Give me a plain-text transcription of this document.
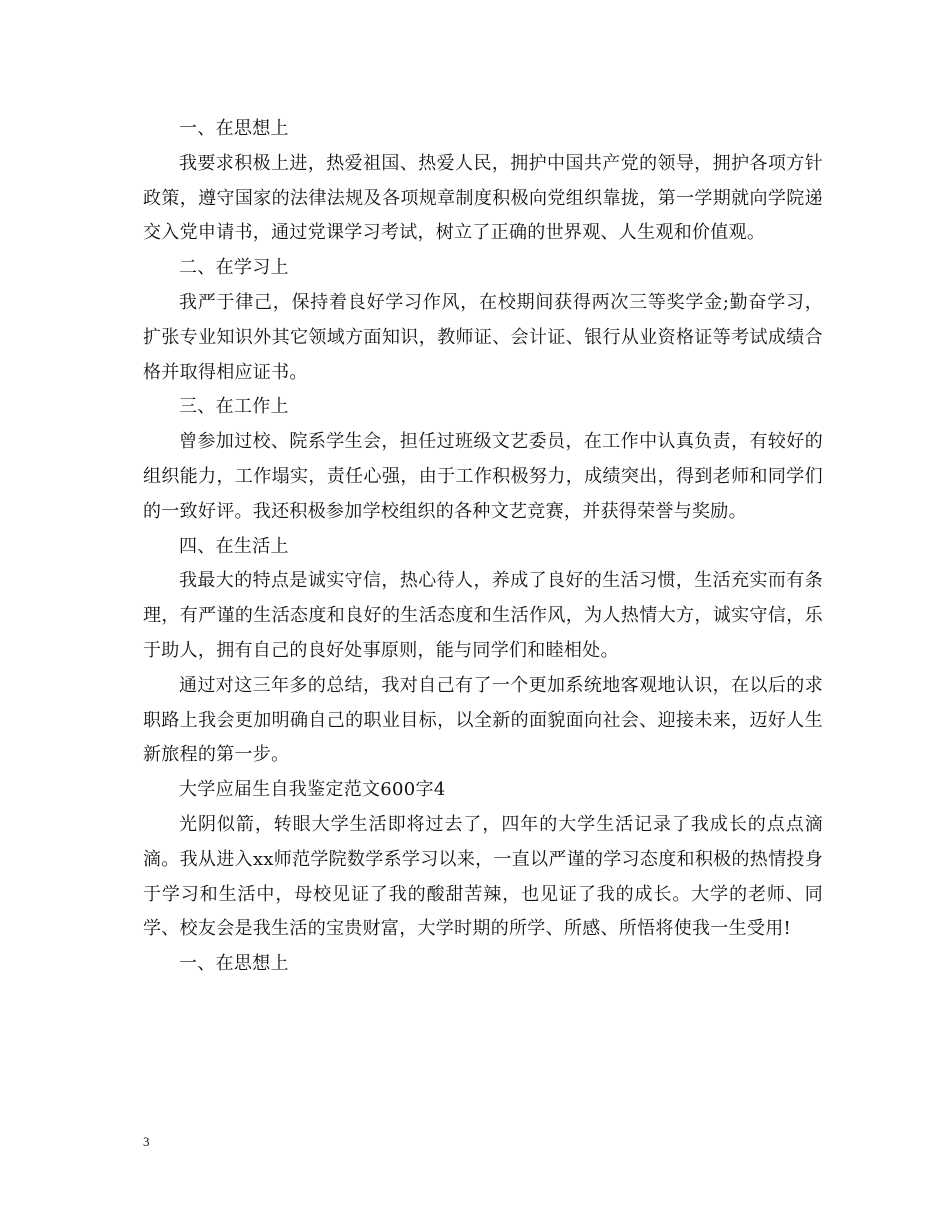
一、在思想上

我要求积极上进，热爱祖国、热爱人民，拥护中国共产党的领导，拥护各项方针政策，遵守国家的法律法规及各项规章制度积极向党组织靠拢，第一学期就向学院递交入党申请书，通过党课学习考试，树立了正确的世界观、人生观和价值观。

二、在学习上

我严于律己，保持着良好学习作风，在校期间获得两次三等奖学金;勤奋学习，扩张专业知识外其它领域方面知识，教师证、会计证、银行从业资格证等考试成绩合格并取得相应证书。

三、在工作上

曾参加过校、院系学生会，担任过班级文艺委员，在工作中认真负责，有较好的组织能力，工作塌实，责任心强，由于工作积极努力，成绩突出，得到老师和同学们的一致好评。我还积极参加学校组织的各种文艺竞赛，并获得荣誉与奖励。

四、在生活上

我最大的特点是诚实守信，热心待人，养成了良好的生活习惯，生活充实而有条理，有严谨的生活态度和良好的生活态度和生活作风，为人热情大方，诚实守信，乐于助人，拥有自己的良好处事原则，能与同学们和睦相处。

通过对这三年多的总结，我对自己有了一个更加系统地客观地认识，在以后的求职路上我会更加明确自己的职业目标，以全新的面貌面向社会、迎接未来，迈好人生新旅程的第一步。

大学应届生自我鉴定范文600字4

光阴似箭，转眼大学生活即将过去了，四年的大学生活记录了我成长的点点滴滴。我从进入xx师范学院数学系学习以来，一直以严谨的学习态度和积极的热情投身于学习和生活中，母校见证了我的酸甜苦辣，也见证了我的成长。大学的老师、同学、校友会是我生活的宝贵财富，大学时期的所学、所感、所悟将使我一生受用!

一、在思想上

3
